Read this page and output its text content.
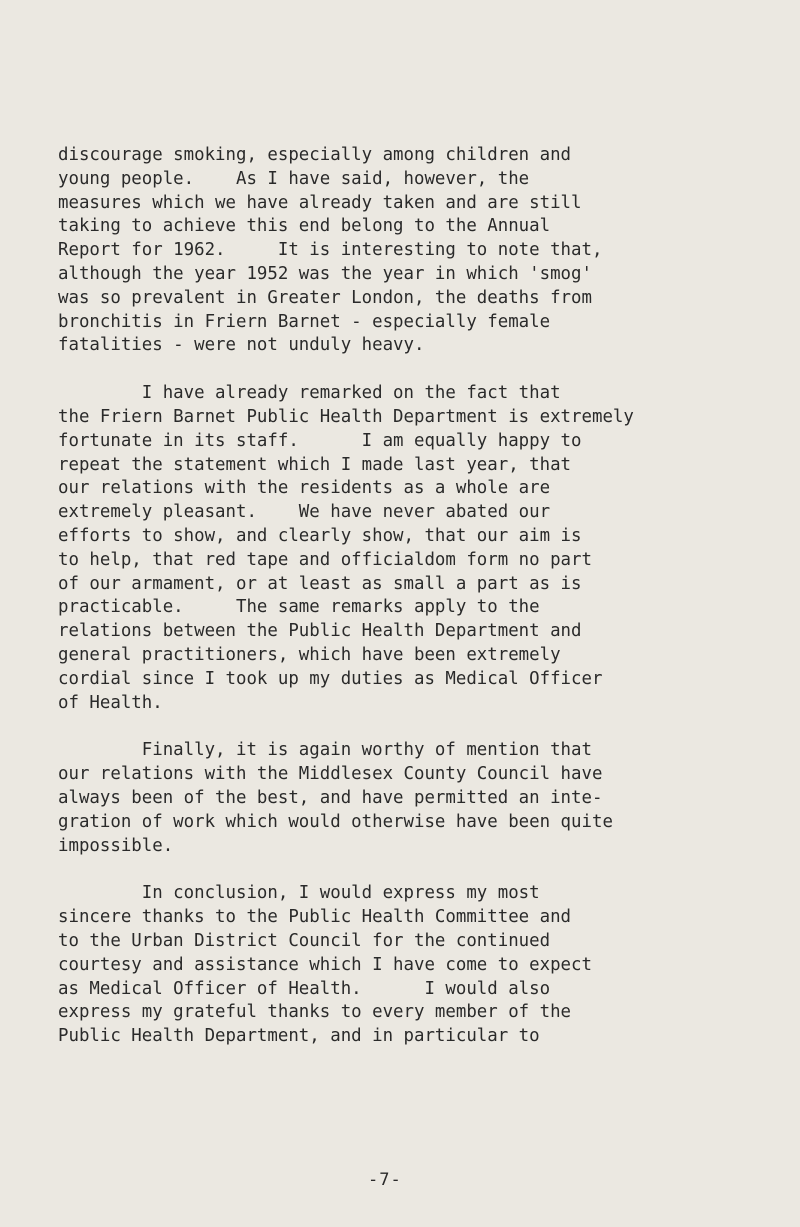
discourage smoking, especially among children and

young people.    As I have said, however, the

measures which we have already taken and are still

taking to achieve this end belong to the Annual

Report for 1962.     It is interesting to note that,

although the year 1952 was the year in which 'smog'

was so prevalent in Greater London, the deaths from

bronchitis in Friern Barnet - especially female

fatalities - were not unduly heavy.

I have already remarked on the fact that

the Friern Barnet Public Health Department is extremely

fortunate in its staff.      I am equally happy to

repeat the statement which I made last year, that

our relations with the residents as a whole are

extremely pleasant.    We have never abated our

efforts to show, and clearly show, that our aim is

to help, that red tape and officialdom form no part

of our armament, or at least as small a part as is

practicable.     The same remarks apply to the

relations between the Public Health Department and

general practitioners, which have been extremely

cordial since I took up my duties as Medical Officer

of Health.

Finally, it is again worthy of mention that

our relations with the Middlesex County Council have

always been of the best, and have permitted an inte-

gration of work which would otherwise have been quite

impossible.

In conclusion, I would express my most

sincere thanks to the Public Health Committee and

to the Urban District Council for the continued

courtesy and assistance which I have come to expect

as Medical Officer of Health.      I would also

express my grateful thanks to every member of the

Public Health Department, and in particular to

-7-
